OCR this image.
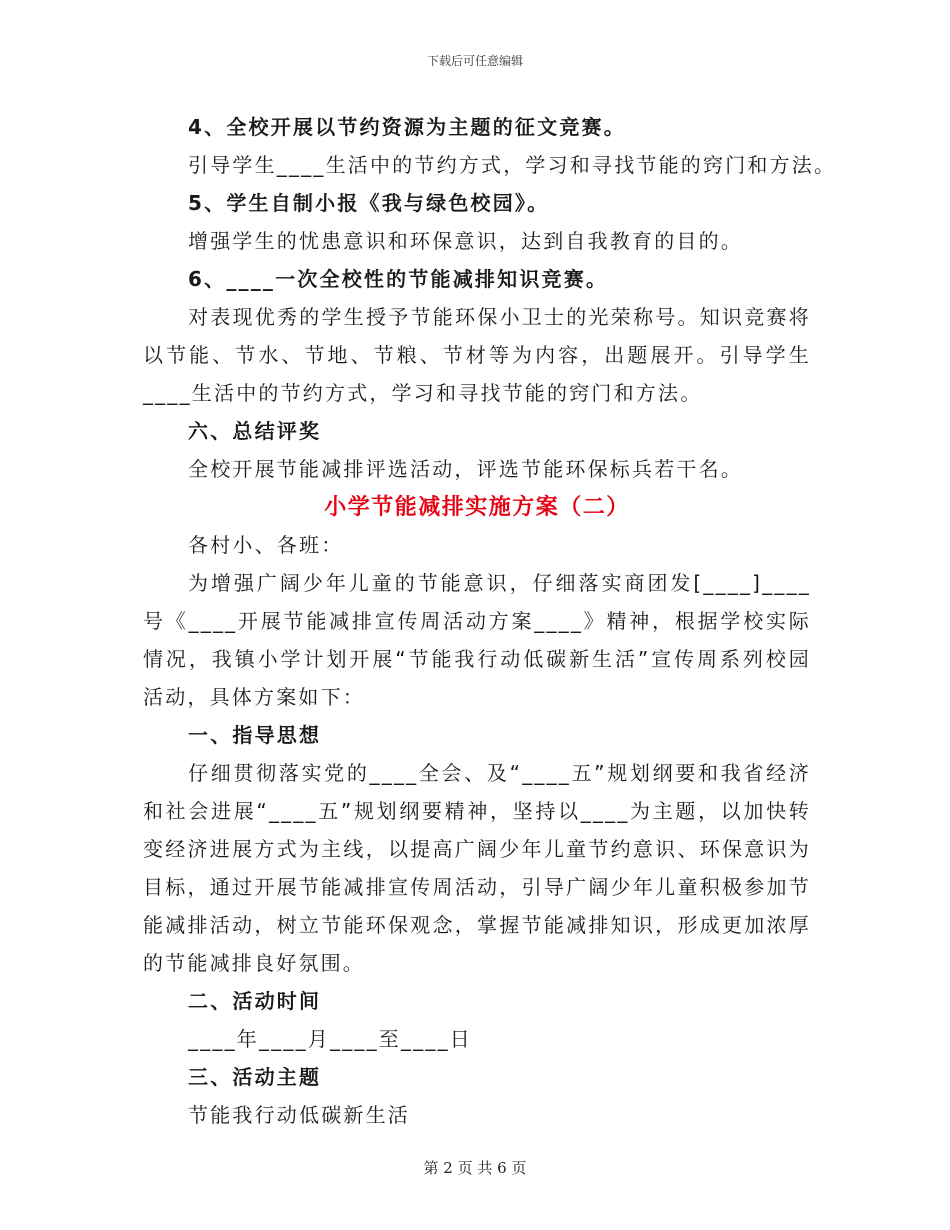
下载后可任意编辑
4、全校开展以节约资源为主题的征文竞赛。
引导学生____生活中的节约方式，学习和寻找节能的窍门和方法。
5、学生自制小报《我与绿色校园》。
增强学生的忧患意识和环保意识，达到自我教育的目的。
6、____一次全校性的节能减排知识竞赛。
对表现优秀的学生授予节能环保小卫士的光荣称号。知识竞赛将以节能、节水、节地、节粮、节材等为内容，出题展开。引导学生____生活中的节约方式，学习和寻找节能的窍门和方法。
六、总结评奖
全校开展节能减排评选活动，评选节能环保标兵若干名。
小学节能减排实施方案（二）
各村小、各班：
为增强广阔少年儿童的节能意识，仔细落实商团发[____]____号《____开展节能减排宣传周活动方案____》精神，根据学校实际情况，我镇小学计划开展“节能我行动低碳新生活”宣传周系列校园活动，具体方案如下：
一、指导思想
仔细贯彻落实党的____全会、及“____五”规划纲要和我省经济和社会进展“____五”规划纲要精神，坚持以____为主题，以加快转变经济进展方式为主线，以提高广阔少年儿童节约意识、环保意识为目标，通过开展节能减排宣传周活动，引导广阔少年儿童积极参加节能减排活动，树立节能环保观念，掌握节能减排知识，形成更加浓厚的节能减排良好氛围。
二、活动时间
____年____月____至____日
三、活动主题
节能我行动低碳新生活
第 2 页 共 6 页
